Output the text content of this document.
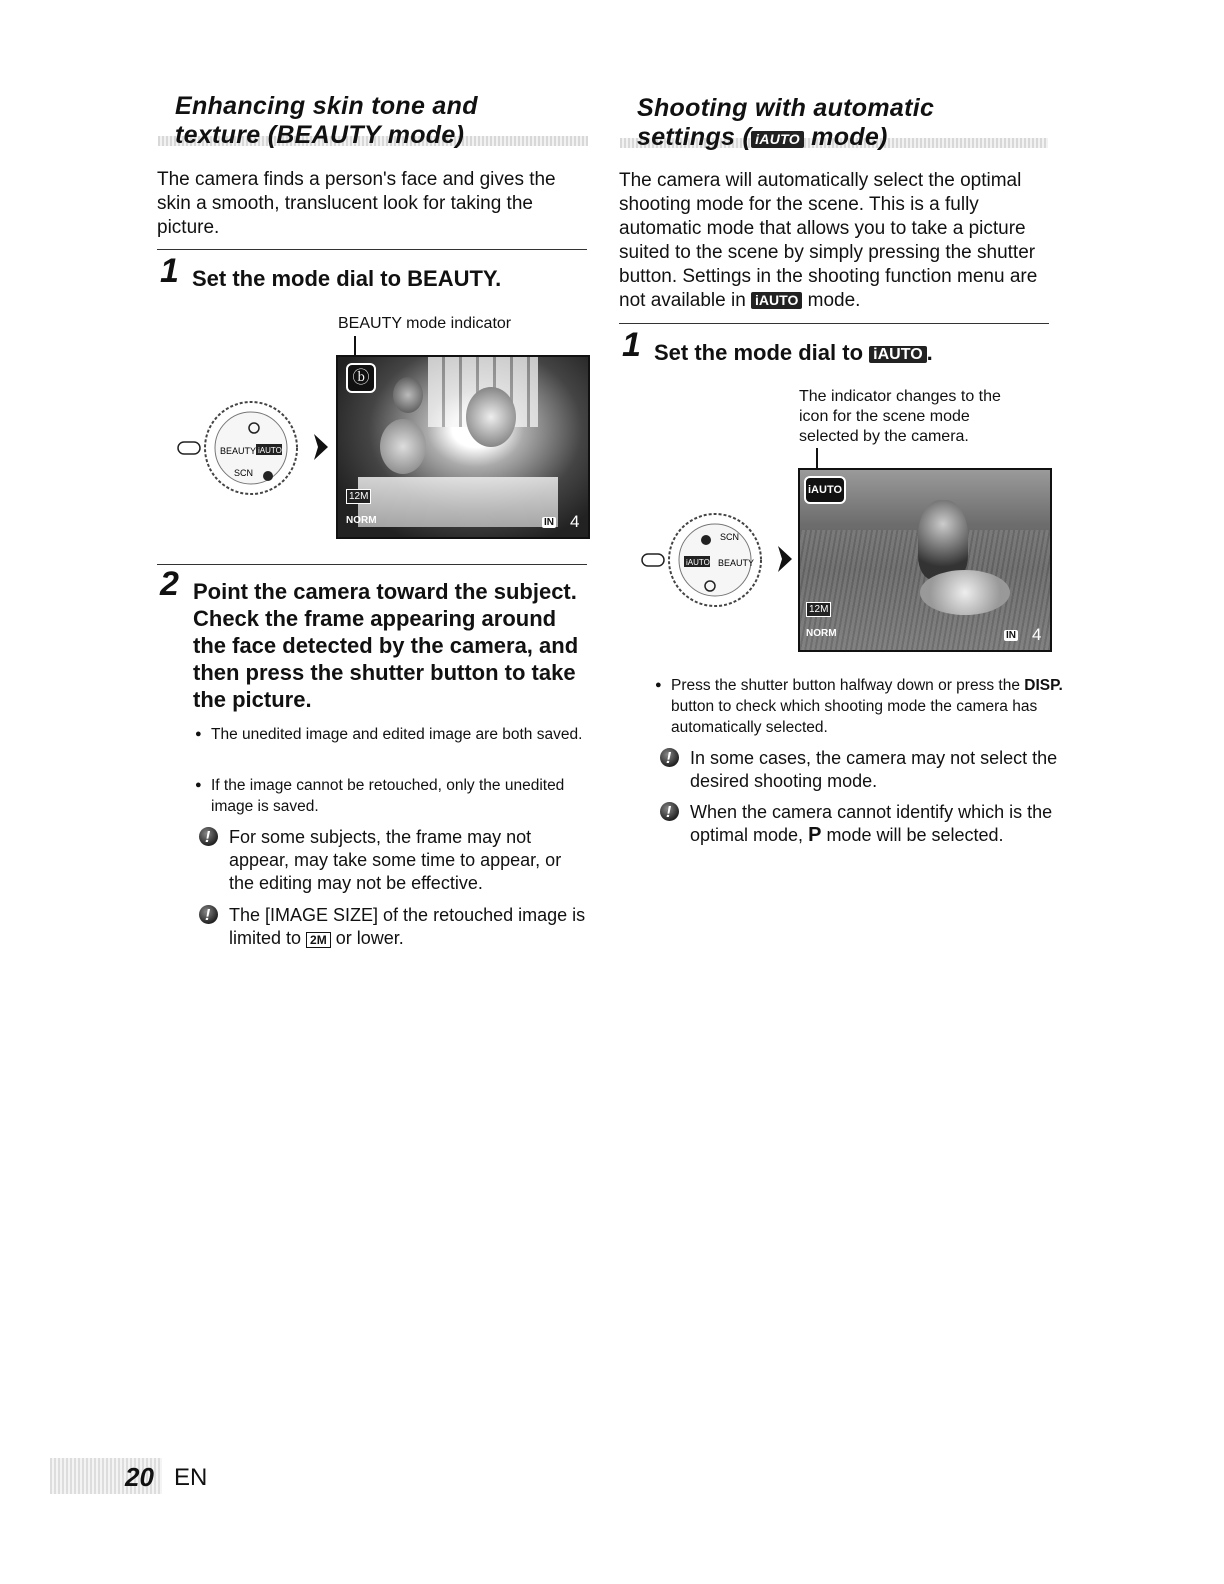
Enhancing skin tone and
texture (BEAUTY mode)
The camera finds a person's face and gives the skin a smooth, translucent look for taking the picture.
1 Set the mode dial to BEAUTY.
BEAUTY mode indicator
BEAUTY iAUTO
SCN
ⓑ
12M
NORM	IN 4
2 Point the camera toward the subject. Check the frame appearing around the face detected by the camera, and then press the shutter button to take the picture.
● The unedited image and edited image are both saved.
● If the image cannot be retouched, only the unedited image is saved.
!
For some subjects, the frame may not appear, may take some time to appear, or the editing may not be effective.
!
The [IMAGE SIZE] of the retouched image is limited to 2M or lower.
Shooting with automatic
settings ( iAUTO mode)
The camera will automatically select the optimal shooting mode for the scene. This is a fully automatic mode that allows you to take a picture suited to the scene by simply pressing the shutter button. Settings in the shooting function menu are not available in iAUTO mode.
1 Set the mode dial to iAUTO .
The indicator changes to the icon for the scene mode selected by the camera.
iAUTO BEAUTY
SCN
iAUTO
12M
NORM	IN 4
● Press the shutter button halfway down or press the DISP. button to check which shooting mode the camera has automatically selected.
!
In some cases, the camera may not select the desired shooting mode.
!
When the camera cannot identify which is the optimal mode, P mode will be selected.
20 EN
